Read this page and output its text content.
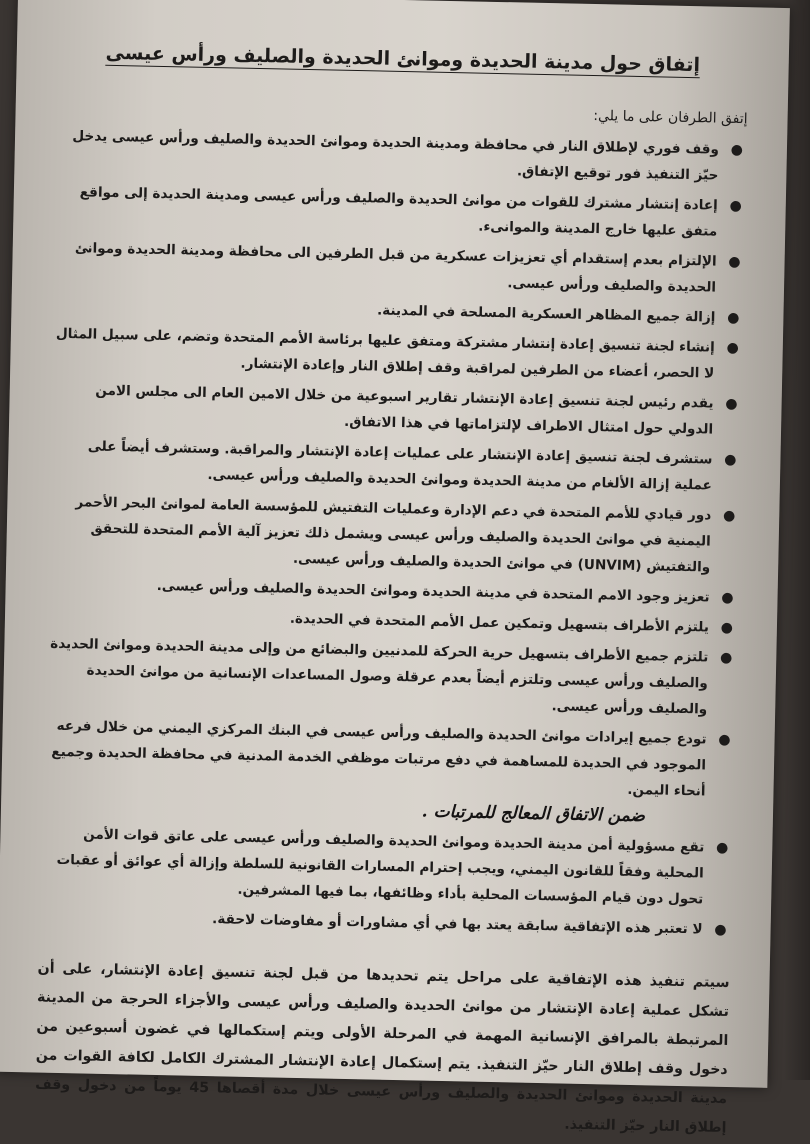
إتفاق حول مدينة الحديدة وموانئ الحديدة والصليف ورأس عيسى
إتفق الطرفان على ما يلي:
●
وقف فوري لإطلاق النار في محافظة ومدينة الحديدة وموانئ الحديدة والصليف ورأس عيسى يدخل حيّز التنفيذ فور توقيع الإتفاق.
●
إعادة إنتشار مشترك للقوات من موانئ الحديدة والصليف ورأس عيسى ومدينة الحديدة إلى مواقع متفق عليها خارج المدينة والموانىء.
●
الإلتزام بعدم إستقدام أي تعزيزات عسكرية من قبل الطرفين الى محافظة ومدينة الحديدة وموانئ الحديدة والصليف ورأس عيسى.
●
إزالة جميع المظاهر العسكرية المسلحة في المدينة.
●
إنشاء لجنة تنسيق إعادة إنتشار مشتركة ومتفق عليها برئاسة الأمم المتحدة وتضم، على سبيل المثال لا الحصر، أعضاء من الطرفين لمراقبة وقف إطلاق النار وإعادة الإنتشار.
●
يقدم رئيس لجنة تنسيق إعادة الإنتشار تقارير اسبوعية من خلال الامين العام الى مجلس الامن الدولي حول امتثال الاطراف لإلتزاماتها في هذا الاتفاق.
●
ستشرف لجنة تنسيق إعادة الإنتشار على عمليات إعادة الإنتشار والمراقبة. وستشرف أيضاً على عملية إزالة الألغام من مدينة الحديدة وموانئ الحديدة والصليف ورأس عيسى.
●
دور قيادي للأمم المتحدة في دعم الإدارة وعمليات التفتيش للمؤسسة العامة لموانئ البحر الأحمر اليمنية في موانئ الحديدة والصليف ورأس عيسى ويشمل ذلك تعزيز آلية الأمم المتحدة للتحقق والتفتيش (UNVIM) في موانئ الحديدة والصليف ورأس عيسى.
●
تعزيز وجود الامم المتحدة في مدينة الحديدة وموانئ الحديدة والصليف ورأس عيسى.
●
يلتزم الأطراف بتسهيل وتمكين عمل الأمم المتحدة في الحديدة.
●
تلتزم جميع الأطراف بتسهيل حرية الحركة للمدنيين والبضائع من وإلى مدينة الحديدة وموانئ الحديدة والصليف ورأس عيسى وتلتزم أيضاً بعدم عرقلة وصول المساعدات الإنسانية من موانئ الحديدة والصليف ورأس عيسى.
●
تودع جميع إيرادات موانئ الحديدة والصليف ورأس عيسى في البنك المركزي اليمني من خلال فرعه الموجود في الحديدة للمساهمة في دفع مرتبات موظفي الخدمة المدنية في محافظة الحديدة وجميع أنحاء اليمن.
ضمن الاتفاق المعالج للمرتبات .
●
تقع مسؤولية أمن مدينة الحديدة وموانئ الحديدة والصليف ورأس عيسى على عاتق قوات الأمن المحلية وفقاً للقانون اليمني، ويجب إحترام المسارات القانونية للسلطة وإزالة أي عوائق أو عقبات تحول دون قيام المؤسسات المحلية بأداء وظائفها، بما فيها المشرفين.
●
لا تعتبر هذه الإتفاقية سابقة يعتد بها في أي مشاورات أو مفاوضات لاحقة.
سيتم تنفيذ هذه الإتفاقية على مراحل يتم تحديدها من قبل لجنة تنسيق إعادة الإنتشار، على أن تشكل عملية إعادة الإنتشار من موانئ الحديدة والصليف ورأس عيسى والأجزاء الحرجة من المدينة المرتبطة بالمرافق الإنسانية المهمة في المرحلة الأولى ويتم إستكمالها في غضون أسبوعين من دخول وقف إطلاق النار حيّز التنفيذ. يتم إستكمال إعادة الإنتشار المشترك الكامل لكافة القوات من مدينة الحديدة وموانئ الحديدة والصليف ورأس عيسى خلال مدة أقصاها 45 يوماً من دخول وقف إطلاق النار حيّز التنفيذ.
